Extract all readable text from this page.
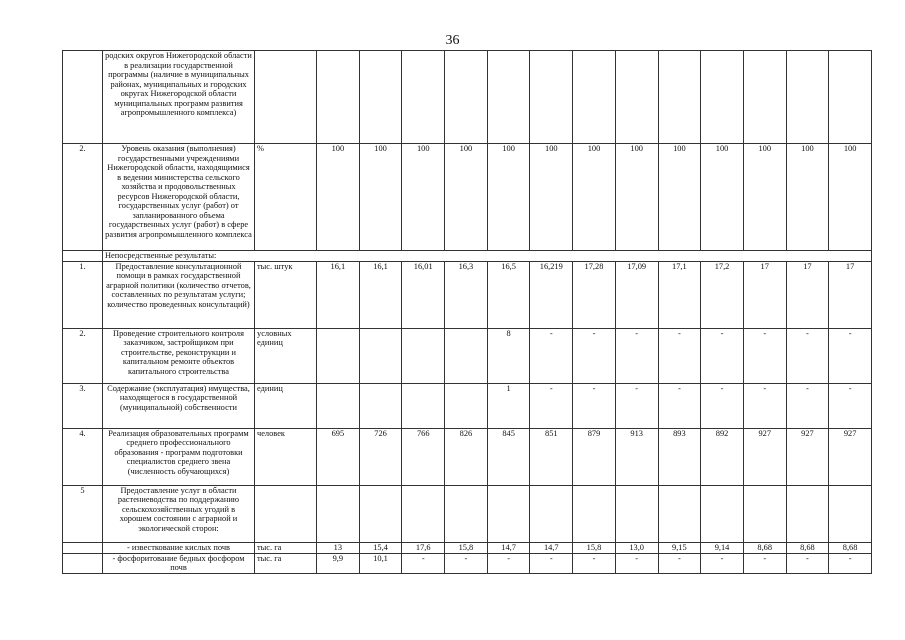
36
	родских округов Нижегородской области в реализации государственной программы (наличие в муниципальных районах, муниципальных и городских округах Нижегородской области муниципальных программ развития агропромышленного комплекса)														
2.	Уровень оказания (выполнения) государственными учреждениями Нижегородской области, находящимися в ведении министерства сельского хозяйства и продовольственных ресурсов Нижегородской области, государственных услуг (работ) от запланированного объема государственных услуг (работ) в сфере развития агропромышленного комплекса	%	100	100	100	100	100	100	100	100	100	100	100	100	100
	Непосредственные результаты:														
1.	Предоставление консультационной помощи в рамках государственной аграрной политики (количество отчетов, составленных по результатам услуги; количество проведенных консультаций)	тыс. штук	16,1	16,1	16,01	16,3	16,5	16,219	17,28	17,09	17,1	17,2	17	17	17
2.	Проведение строительного контроля заказчиком, застройщиком при строительстве, реконструкции и капитальном ремонте объектов капитального строительства	условных единиц					8	-	-	-	-	-	-	-	-
3.	Содержание (эксплуатация) имущества, находящегося в государственной (муниципальной) собственности	единиц					1	-	-	-	-	-	-	-	-
4.	Реализация образовательных программ среднего профессионального образования - программ подготовки специалистов среднего звена (численность обучающихся)	человек	695	726	766	826	845	851	879	913	893	892	927	927	927
5	Предоставление услуг в области растениеводства по поддержанию сельскохозяйственных угодий в хорошем состоянии с аграрной и экологической сторон:														
	- известкование кислых почв	тыс. га	13	15,4	17,6	15,8	14,7	14,7	15,8	13,0	9,15	9,14	8,68	8,68	8,68
	- фосфоритование бедных фосфором почв	тыс. га	9,9	10,1	-	-	-	-	-	-	-	-	-	-	-
